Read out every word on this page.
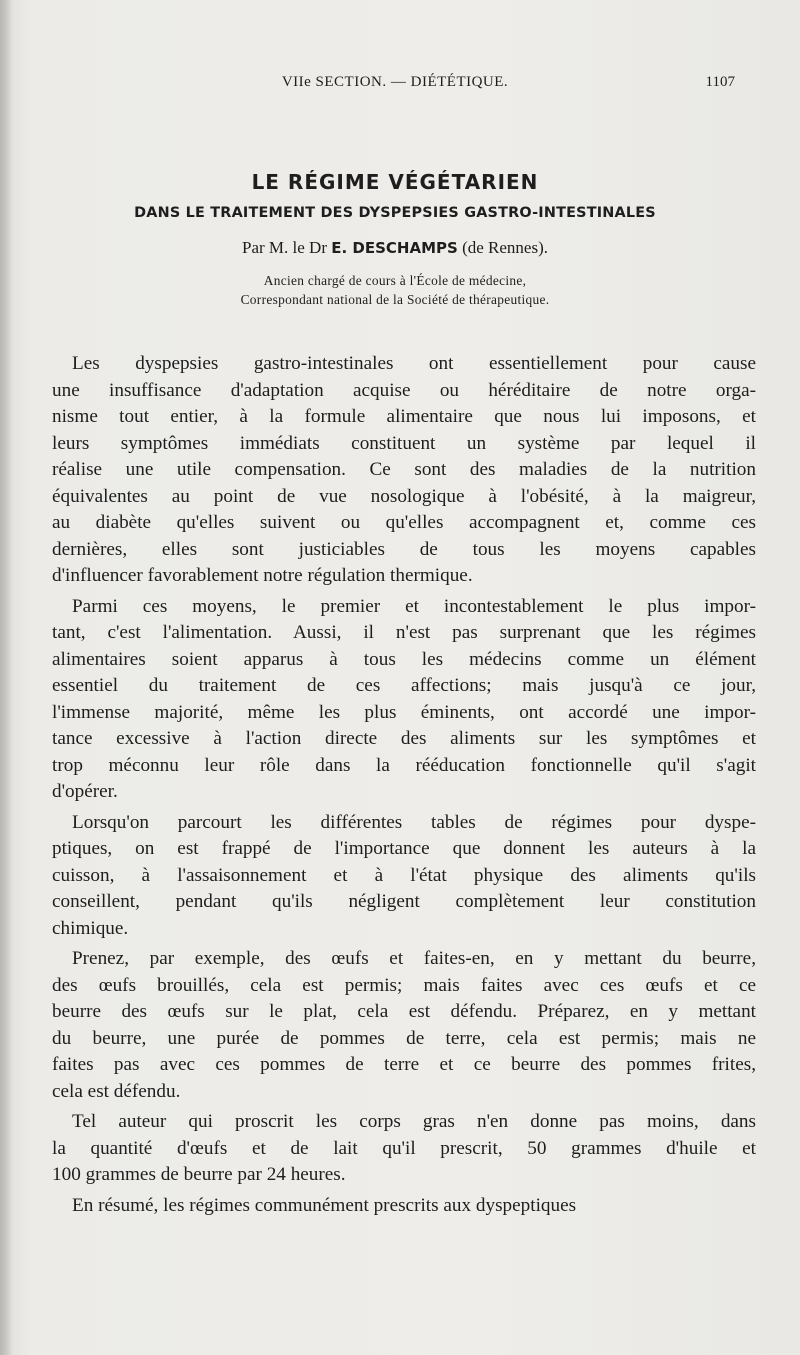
VIIe SECTION. — DIÉTÉTIQUE.	1107
LE RÉGIME VÉGÉTARIEN
DANS LE TRAITEMENT DES DYSPEPSIES GASTRO-INTESTINALES
Par M. le Dr E. DESCHAMPS (de Rennes).
Ancien chargé de cours à l'École de médecine,
Correspondant national de la Société de thérapeutique.
Les dyspepsies gastro-intestinales ont essentiellement pour cause
une insuffisance d'adaptation acquise ou héréditaire de notre orga-
nisme tout entier, à la formule alimentaire que nous lui imposons, et
leurs symptômes immédiats constituent un système par lequel il
réalise une utile compensation. Ce sont des maladies de la nutrition
équivalentes au point de vue nosologique à l'obésité, à la maigreur,
au diabète qu'elles suivent ou qu'elles accompagnent et, comme ces
dernières, elles sont justiciables de tous les moyens capables
d'influencer favorablement notre régulation thermique.
Parmi ces moyens, le premier et incontestablement le plus impor-
tant, c'est l'alimentation. Aussi, il n'est pas surprenant que les régimes
alimentaires soient apparus à tous les médecins comme un élément
essentiel du traitement de ces affections; mais jusqu'à ce jour,
l'immense majorité, même les plus éminents, ont accordé une impor-
tance excessive à l'action directe des aliments sur les symptômes et
trop méconnu leur rôle dans la rééducation fonctionnelle qu'il s'agit
d'opérer.
Lorsqu'on parcourt les différentes tables de régimes pour dyspe-
ptiques, on est frappé de l'importance que donnent les auteurs à la
cuisson, à l'assaisonnement et à l'état physique des aliments qu'ils
conseillent, pendant qu'ils négligent complètement leur constitution
chimique.
Prenez, par exemple, des œufs et faites-en, en y mettant du beurre,
des œufs brouillés, cela est permis; mais faites avec ces œufs et ce
beurre des œufs sur le plat, cela est défendu. Préparez, en y mettant
du beurre, une purée de pommes de terre, cela est permis; mais ne
faites pas avec ces pommes de terre et ce beurre des pommes frites,
cela est défendu.
Tel auteur qui proscrit les corps gras n'en donne pas moins, dans
la quantité d'œufs et de lait qu'il prescrit, 50 grammes d'huile et
100 grammes de beurre par 24 heures.
En résumé, les régimes communément prescrits aux dyspeptiques
